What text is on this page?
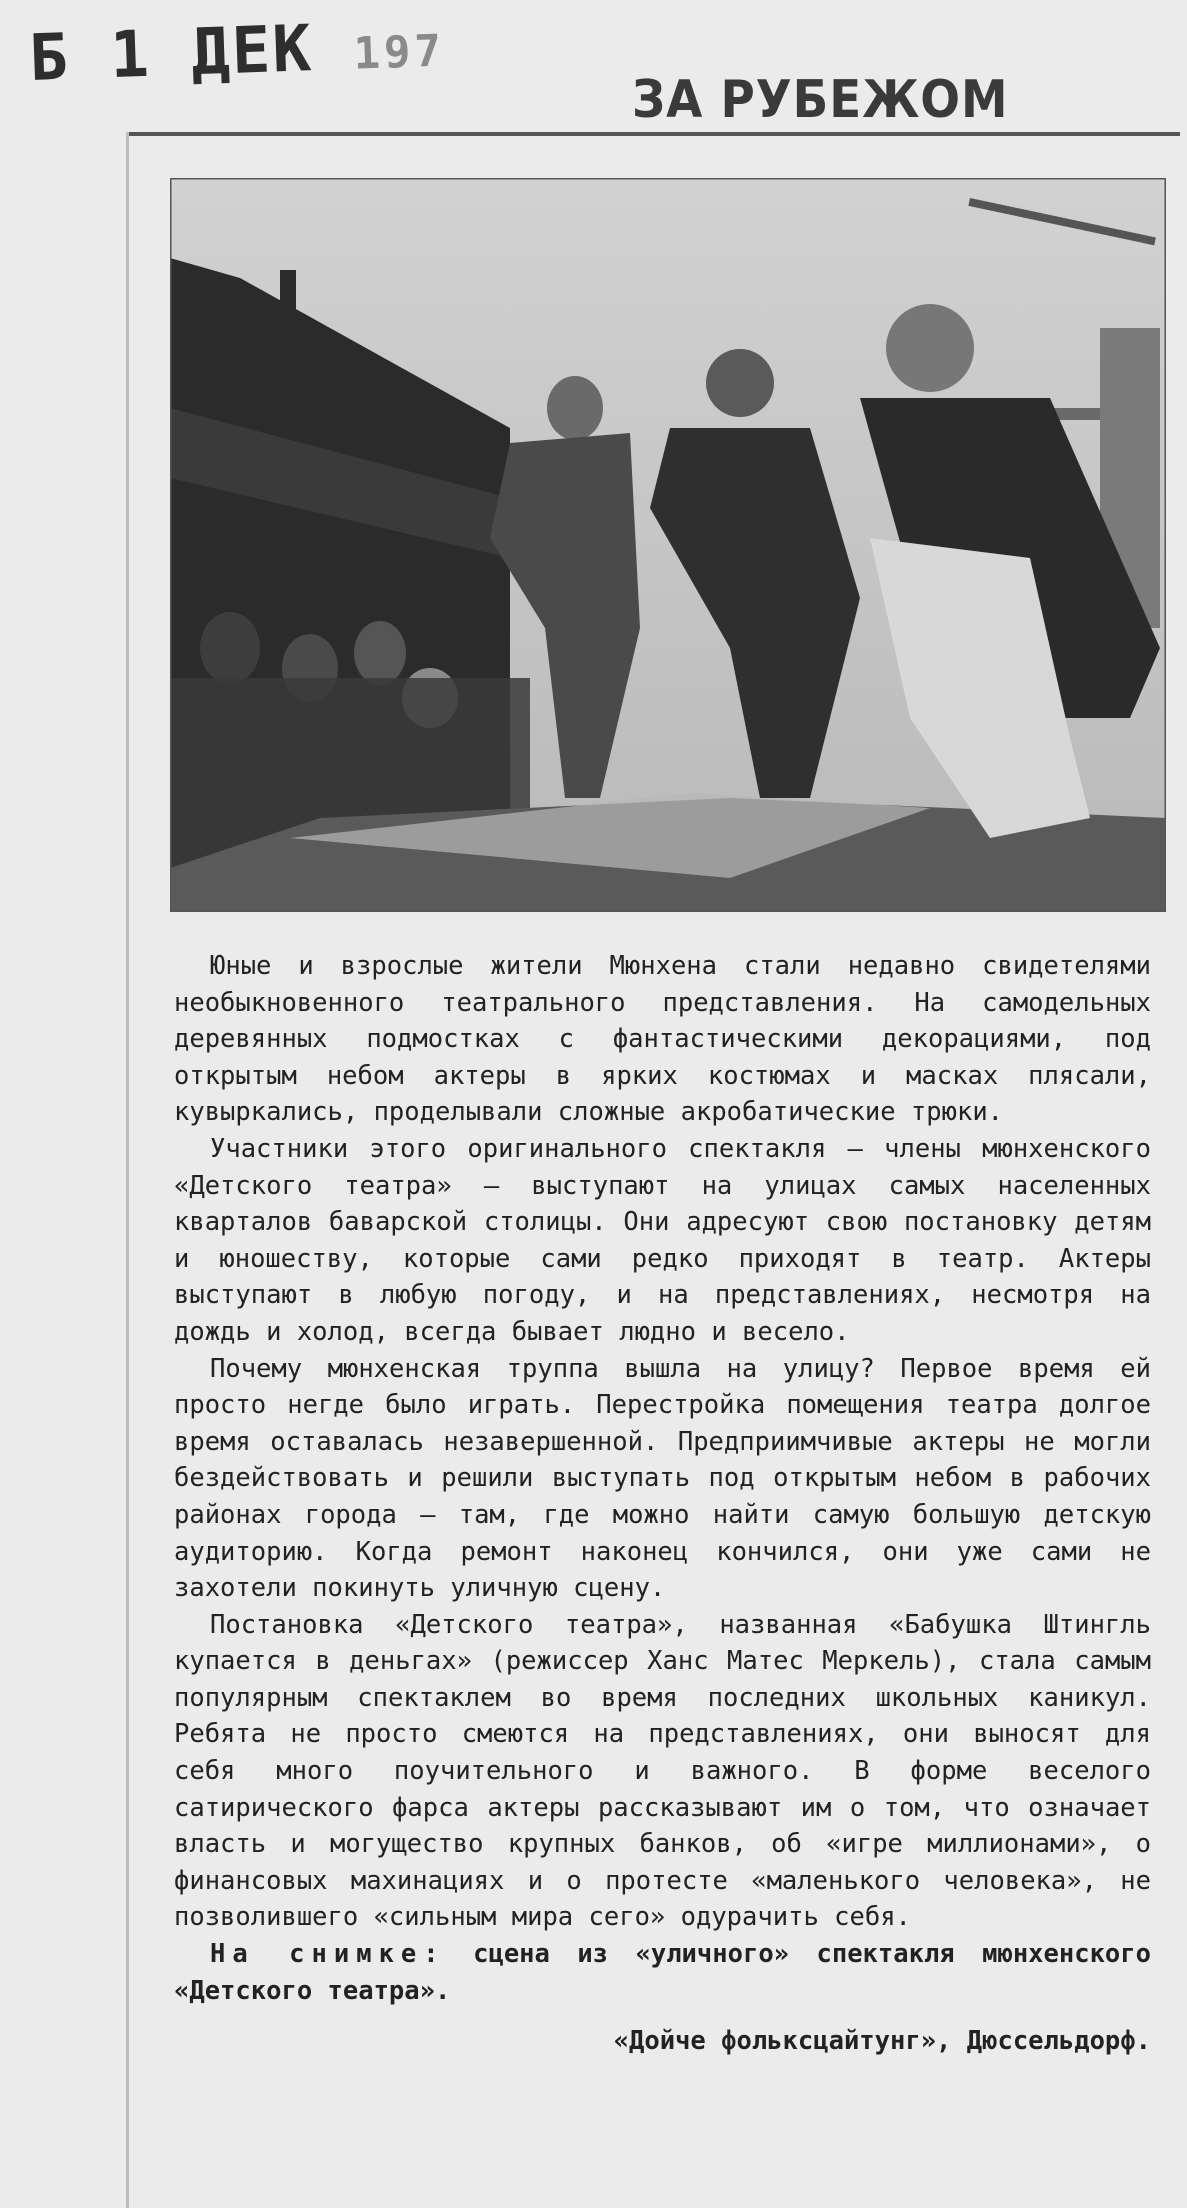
Б 1 ДЕК 197
ЗА РУБЕЖОМ

Юные и взрослые жители Мюнхена стали недавно свидетелями необыкновенного театрального представления. На самодельных деревянных подмостках с фантастическими декорациями, под открытым небом актеры в ярких костюмах и масках плясали, кувыркались, проделывали сложные акробатические трюки.

Участники этого оригинального спектакля — члены мюнхенского «Детского театра» — выступают на улицах самых населенных кварталов баварской столицы. Они адресуют свою постановку детям и юношеству, которые сами редко приходят в театр. Актеры выступают в любую погоду, и на представлениях, несмотря на дождь и холод, всегда бывает людно и весело.

Почему мюнхенская труппа вышла на улицу? Первое время ей просто негде было играть. Перестройка помещения театра долгое время оставалась незавершенной. Предприимчивые актеры не могли бездействовать и решили выступать под открытым небом в рабочих районах города — там, где можно найти самую большую детскую аудиторию. Когда ремонт наконец кончился, они уже сами не захотели покинуть уличную сцену.

Постановка «Детского театра», названная «Бабушка Штингль купается в деньгах» (режиссер Ханс Матес Меркель), стала самым популярным спектаклем во время последних школьных каникул. Ребята не просто смеются на представлениях, они выносят для себя много поучительного и важного. В форме веселого сатирического фарса актеры рассказывают им о том, что означает власть и могущество крупных банков, об «игре миллионами», о финансовых махинациях и о протесте «маленького человека», не позволившего «сильным мира сего» одурачить себя.

На снимке: сцена из «уличного» спектакля мюнхенского «Детского театра».

«Дойче фольксцайтунг», Дюссельдорф.
